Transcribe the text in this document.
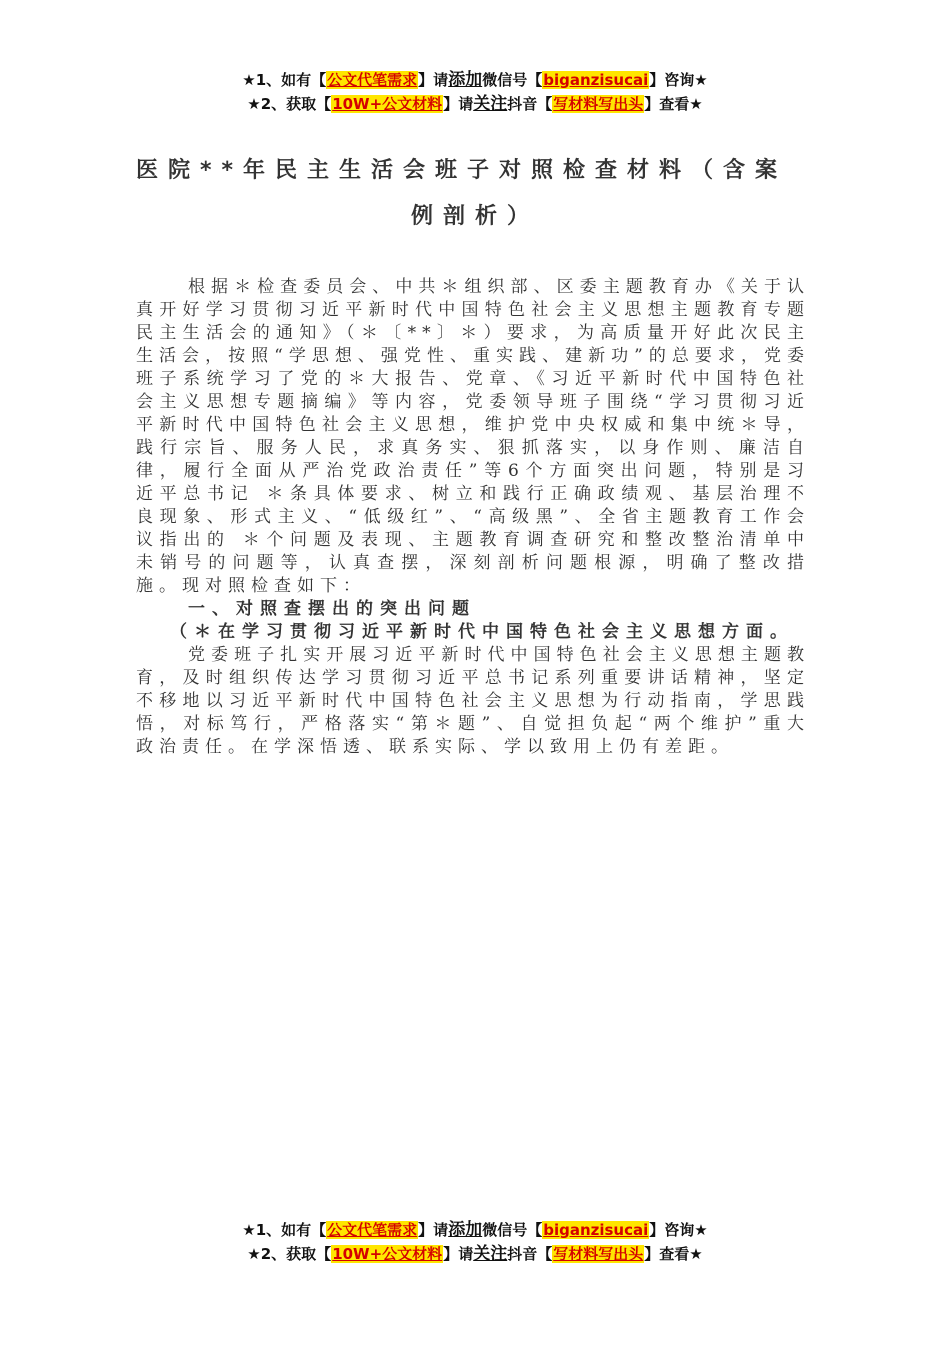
★1、如有【公文代笔需求】请添加微信号【biganzisucai】咨询★
★2、获取【10W+公文材料】请关注抖音【写材料写出头】查看★
医院**年民主生活会班子对照检查材料（含案
例剖析）

根据＊检查委员会、中共＊组织部、区委主题教育办《关于认真开好学习贯彻习近平新时代中国特色社会主义思想主题教育专题民主生活会的通知》（＊〔**〕＊）要求，为高质量开好此次民主生活会，按照“学思想、强党性、重实践、建新功”的总要求，党委班子系统学习了党的＊大报告、党章、《习近平新时代中国特色社会主义思想专题摘编》等内容，党委领导班子围绕“学习贯彻习近平新时代中国特色社会主义思想，维护党中央权威和集中统＊导，践行宗旨、服务人民，求真务实、狠抓落实，以身作则、廉洁自律，履行全面从严治党政治责任”等6个方面突出问题，特别是习近平总书记 ＊条具体要求、树立和践行正确政绩观、基层治理不良现象、形式主义、“低级红”、“高级黑”、全省主题教育工作会议指出的 ＊个问题及表现、主题教育调查研究和整改整治清单中未销号的问题等，认真查摆，深刻剖析问题根源，明确了整改措施。现对照检查如下：

一、对照查摆出的突出问题

（＊在学习贯彻习近平新时代中国特色社会主义思想方面。

党委班子扎实开展习近平新时代中国特色社会主义思想主题教育，及时组织传达学习贯彻习近平总书记系列重要讲话精神，坚定不移地以习近平新时代中国特色社会主义思想为行动指南，学思践悟，对标笃行，严格落实“第＊题”、自觉担负起“两个维护”重大政治责任。在学深悟透、联系实际、学以致用上仍有差距。

★1、如有【公文代笔需求】请添加微信号【biganzisucai】咨询★
★2、获取【10W+公文材料】请关注抖音【写材料写出头】查看★
